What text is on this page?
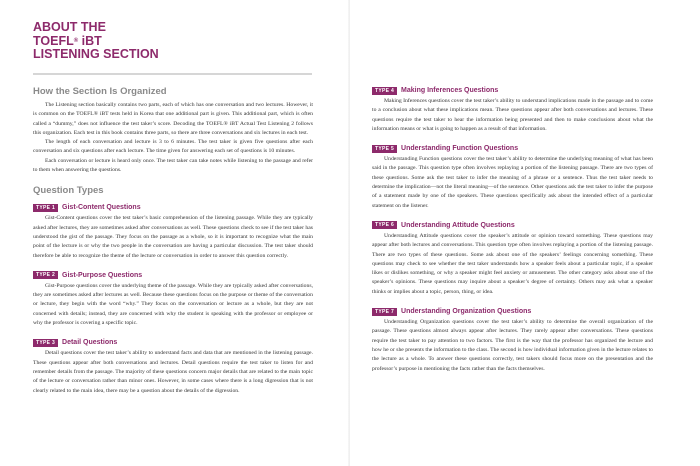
ABOUT THE
TOEFL® iBT
LISTENING SECTION
How the Section Is Organized

The Listening section basically contains two parts, each of which has one conversation and two lectures. However, it is common on the TOEFL® iBT tests held in Korea that one additional part is given. This additional part, which is often called a “dummy,” does not influence the test taker’s score. Decoding the TOEFL® iBT Actual Test Listening 2 follows this organization. Each test in this book contains three parts, so there are three conversations and six lectures in each test.

The length of each conversation and lecture is 3 to 6 minutes. The test taker is given five questions after each conversation and six questions after each lecture. The time given for answering each set of questions is 10 minutes.

Each conversation or lecture is heard only once. The test taker can take notes while listening to the passage and refer to them when answering the questions.

Question Types
TYPE 1	Gist-Content Questions

Gist-Content questions cover the test taker’s basic comprehension of the listening passage. While they are typically asked after lectures, they are sometimes asked after conversations as well. These questions check to see if the test taker has understood the gist of the passage. They focus on the passage as a whole, so it is important to recognize what the main point of the lecture is or why the two people in the conversation are having a particular discussion. The test taker should therefore be able to recognize the theme of the lecture or conversation in order to answer this question correctly.

TYPE 2	Gist-Purpose Questions

Gist-Purpose questions cover the underlying theme of the passage. While they are typically asked after conversations, they are sometimes asked after lectures as well. Because these questions focus on the purpose or theme of the conversation or lecture, they begin with the word “why.” They focus on the conversation or lecture as a whole, but they are not concerned with details; instead, they are concerned with why the student is speaking with the professor or employee or why the professor is covering a specific topic.

TYPE 3	Detail Questions

Detail questions cover the test taker’s ability to understand facts and data that are mentioned in the listening passage. These questions appear after both conversations and lectures. Detail questions require the test taker to listen for and remember details from the passage. The majority of these questions concern major details that are related to the main topic of the lecture or conversation rather than minor ones. However, in some cases where there is a long digression that is not clearly related to the main idea, there may be a question about the details of the digression.

TYPE 4	Making Inferences Questions

Making Inferences questions cover the test taker’s ability to understand implications made in the passage and to come to a conclusion about what these implications mean. These questions appear after both conversations and lectures. These questions require the test taker to hear the information being presented and then to make conclusions about what the information means or what is going to happen as a result of that information.

TYPE 5	Understanding Function Questions

Understanding Function questions cover the test taker’s ability to determine the underlying meaning of what has been said in the passage. This question type often involves replaying a portion of the listening passage. There are two types of these questions. Some ask the test taker to infer the meaning of a phrase or a sentence. Thus the test taker needs to determine the implication—not the literal meaning—of the sentence. Other questions ask the test taker to infer the purpose of a statement made by one of the speakers. These questions specifically ask about the intended effect of a particular statement on the listener.

TYPE 6	Understanding Attitude Questions

Understanding Attitude questions cover the speaker’s attitude or opinion toward something. These questions may appear after both lectures and conversations. This question type often involves replaying a portion of the listening passage. There are two types of these questions. Some ask about one of the speakers’ feelings concerning something. These questions may check to see whether the test taker understands how a speaker feels about a particular topic, if a speaker likes or dislikes something, or why a speaker might feel anxiety or amusement. The other category asks about one of the speaker’s opinions. These questions may inquire about a speaker’s degree of certainty. Others may ask what a speaker thinks or implies about a topic, person, thing, or idea.

TYPE 7	Understanding Organization Questions

Understanding Organization questions cover the test taker’s ability to determine the overall organization of the passage. These questions almost always appear after lectures. They rarely appear after conversations. These questions require the test taker to pay attention to two factors. The first is the way that the professor has organized the lecture and how he or she presents the information to the class. The second is how individual information given in the lecture relates to the lecture as a whole. To answer these questions correctly, test takers should focus more on the presentation and the professor’s purpose in mentioning the facts rather than the facts themselves.
